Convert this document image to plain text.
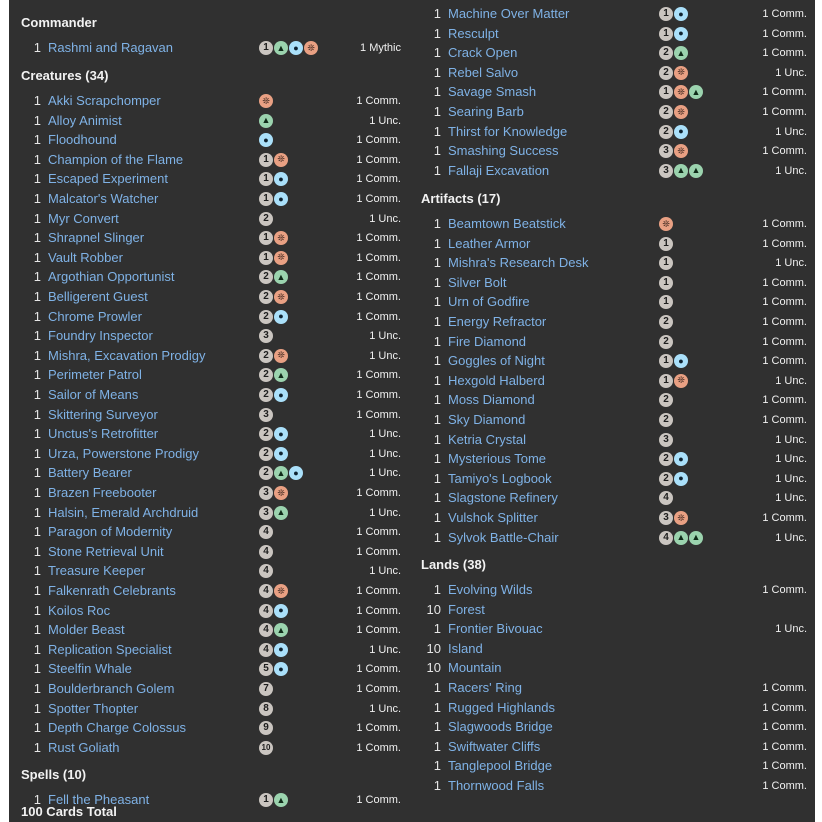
Commander
1 Rashmi and Ragavan	1 ▲ ● ❊	1 Mythic
Creatures (34)
1 Akki Scrapchomper	❊	1 Comm.
1 Alloy Animist	▲	1 Unc.
1 Floodhound	●	1 Comm.
1 Champion of the Flame	1 ❊	1 Comm.
1 Escaped Experiment	1	●	1 Comm.
1 Malcator's Watcher	1	●	1 Comm.
1 Myr Convert	2	1 Unc.
1 Shrapnel Slinger	1 ❊	1 Comm.
1 Vault Robber	1 ❊	1 Comm.
1 Argothian Opportunist	2 ▲	1 Comm.
1 Belligerent Guest	2 ❊	1 Comm.
1 Chrome Prowler	2	●	1 Comm.
1 Foundry Inspector	3	1 Unc.
1 Mishra, Excavation Prodigy	2 ❊	1 Unc.
1 Perimeter Patrol	2 ▲	1 Comm.
1 Sailor of Means	2	●	1 Comm.
1 Skittering Surveyor	3	1 Comm.
1 Unctus's Retrofitter	2	●	1 Unc.
1 Urza, Powerstone Prodigy	2	●	1 Unc.
1 Battery Bearer	2 ▲ ●	1 Unc.
1 Brazen Freebooter	3 ❊	1 Comm.
1 Halsin, Emerald Archdruid	3 ▲	1 Unc.
1 Paragon of Modernity	4	1 Comm.
1 Stone Retrieval Unit	4	1 Comm.
1 Treasure Keeper	4	1 Unc.
1 Falkenrath Celebrants	4 ❊	1 Comm.
1 Koilos Roc	4	●	1 Comm.
1 Molder Beast	4 ▲	1 Comm.
1 Replication Specialist	4	●	1 Unc.
1 Steelfin Whale	5	●	1 Comm.
1 Boulderbranch Golem	7	1 Comm.
1 Spotter Thopter	8	1 Unc.
1 Depth Charge Colossus	9	1 Comm.
1 Rust Goliath	10	1 Comm.
Spells (10)
1 Fell the Pheasant	1 ▲	1 Comm.
1 Machine Over Matter	1	●	1 Comm.
1 Resculpt	1	●	1 Comm.
1 Crack Open	2 ▲	1 Comm.
1 Rebel Salvo	2 ❊	1 Unc.
1 Savage Smash	1 ❊ ▲	1 Comm.
1 Searing Barb	2 ❊	1 Comm.
1 Thirst for Knowledge	2	●	1 Unc.
1 Smashing Success	3 ❊	1 Comm.
1 Fallaji Excavation	3 ▲ ▲	1 Unc.
Artifacts (17)
1 Beamtown Beatstick	❊	1 Comm.
1 Leather Armor	1	1 Comm.
1 Mishra's Research Desk	1	1 Unc.
1 Silver Bolt	1	1 Comm.
1 Urn of Godfire	1	1 Comm.
1 Energy Refractor	2	1 Comm.
1 Fire Diamond	2	1 Comm.
1 Goggles of Night	1	●	1 Comm.
1 Hexgold Halberd	1 ❊	1 Unc.
1 Moss Diamond	2	1 Comm.
1 Sky Diamond	2	1 Comm.
1 Ketria Crystal	3	1 Unc.
1 Mysterious Tome	2	●	1 Unc.
1 Tamiyo's Logbook	2	●	1 Unc.
1 Slagstone Refinery	4	1 Unc.
1 Vulshok Splitter	3 ❊	1 Comm.
1 Sylvok Battle-Chair	4 ▲ ▲	1 Unc.
Lands (38)
1 Evolving Wilds	1 Comm.
10 Forest
1 Frontier Bivouac	1 Unc.
10 Island
10 Mountain
1 Racers' Ring	1 Comm.
1 Rugged Highlands	1 Comm.
1 Slagwoods Bridge	1 Comm.
1 Swiftwater Cliffs	1 Comm.
1 Tanglepool Bridge	1 Comm.
1 Thornwood Falls	1 Comm.
100 Cards Total
